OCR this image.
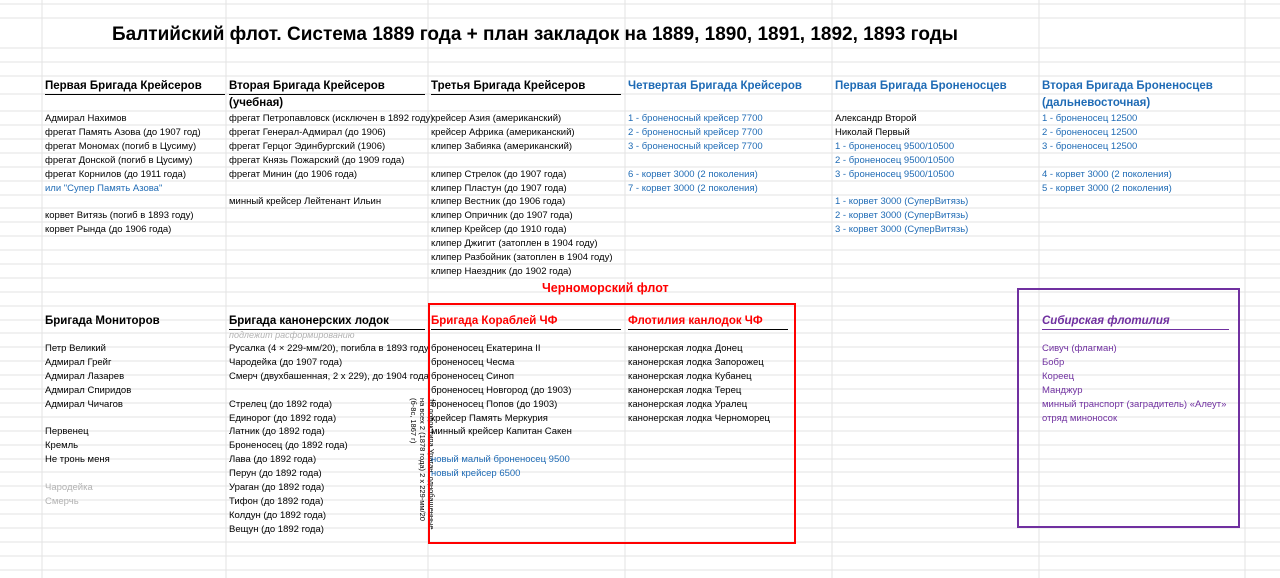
Балтийский флот. Система 1889 года + план закладок на 1889, 1890, 1891, 1892, 1893 годы
Первая Бригада Крейсеров
Адмирал Нахимов
фрегат Память Азова (до 1907 год)
фрегат Мономах (погиб в Цусиму)
фрегат Донской (погиб в Цусиму)
фрегат Корнилов (до 1911 года)
или "Супер Память Азова"
корвет Витязь (погиб в 1893 году)
корвет Рында (до 1906 года)
Вторая Бригада Крейсеров
(учебная)
фрегат Петропавловск (исключен в 1892 году)
фрегат Генерал-Адмирал (до 1906)
фрегат Герцог Эдинбургский (1906)
фрегат Князь Пожарский (до 1909 года)
фрегат Минин (до 1906 года)
минный крейсер Лейтенант Ильин
Третья Бригада Крейсеров
крейсер Азия (американский)
крейсер Африка (американский)
клипер Забияка (американский)
клипер Стрелок (до 1907 года)
клипер Пластун (до 1907 года)
клипер Вестник (до 1906 года)
клипер Опричник (до 1907 года)
клипер Крейсер (до 1910 года)
клипер Джигит (затоплен в 1904 году)
клипер Разбойник (затоплен в 1904 году)
клипер Наездник (до 1902 года)
Четвертая Бригада Крейсеров
1 - броненосный крейсер 7700
2 - броненосный крейсер 7700
3 - броненосный крейсер 7700
6 - корвет 3000 (2 поколения)
7 - корвет 3000 (2 поколения)
Первая Бригада Броненосцев
Александр Второй
Николай Первый
1 - броненосец 9500/10500
2 - броненосец 9500/10500
3 - броненосец 9500/10500
1 - корвет 3000 (СуперВитязь)
2 - корвет 3000 (СуперВитязь)
3 - корвет 3000 (СуперВитязь)
Вторая Бригада Броненосцев
(дальневосточная)
1 - броненосец 12500
2 - броненосец 12500
3 - броненосец 12500
4 - корвет 3000 (2 поколения)
5 - корвет 3000 (2 поколения)
Черноморский флот
Бригада Мониторов
Петр Великий
Адмирал Грейг
Адмирал Лазарев
Адмирал Спиридов
Адмирал Чичагов
Первенец
Кремль
Не тронь меня
Чародейка
Смерчь
Бригада канонерских лодок
подлежит расформированию
Русалка (4 × 229-мм/20), погибла в 1893 году
Чародейка (до 1907 года)
Смерч (двухбашенная, 2 х 229), до 1904 года
Стрелец (до 1892 года)
Единорог (до 1892 года)
Латник (до 1892 года)
Броненосец (до 1892 года)
Лава (до 1892 года)
Перун (до 1892 года)
Ураган (до 1892 года)
Тифон (до 1892 года)
Колдун (до 1892 года)
Вещун (до 1892 года)	10 лодок типа Ураган, однобашенные, на всех 2 (1878 года) 2 х 229-мм/20 (б-8с, 1867 г)
Бригада Кораблей ЧФ
броненосец Екатерина II
броненосец Чесма
броненосец Синоп
броненосец Новгород (до 1903)
броненосец Попов (до 1903)
крейсер Память Меркурия
минный крейсер Капитан Сакен
новый малый броненосец 9500
новый крейсер 6500
Флотилия канлодок ЧФ
канонерская лодка Донец
канонерская лодка Запорожец
канонерская лодка Кубанец
канонерская лодка Терец
канонерская лодка Уралец
канонерская лодка Черноморец
Сибирская флотилия
Сивуч (флагман)
Бобр
Кореец
Манджур
минный транспорт (заградитель) «Алеут»
отряд миноносок
